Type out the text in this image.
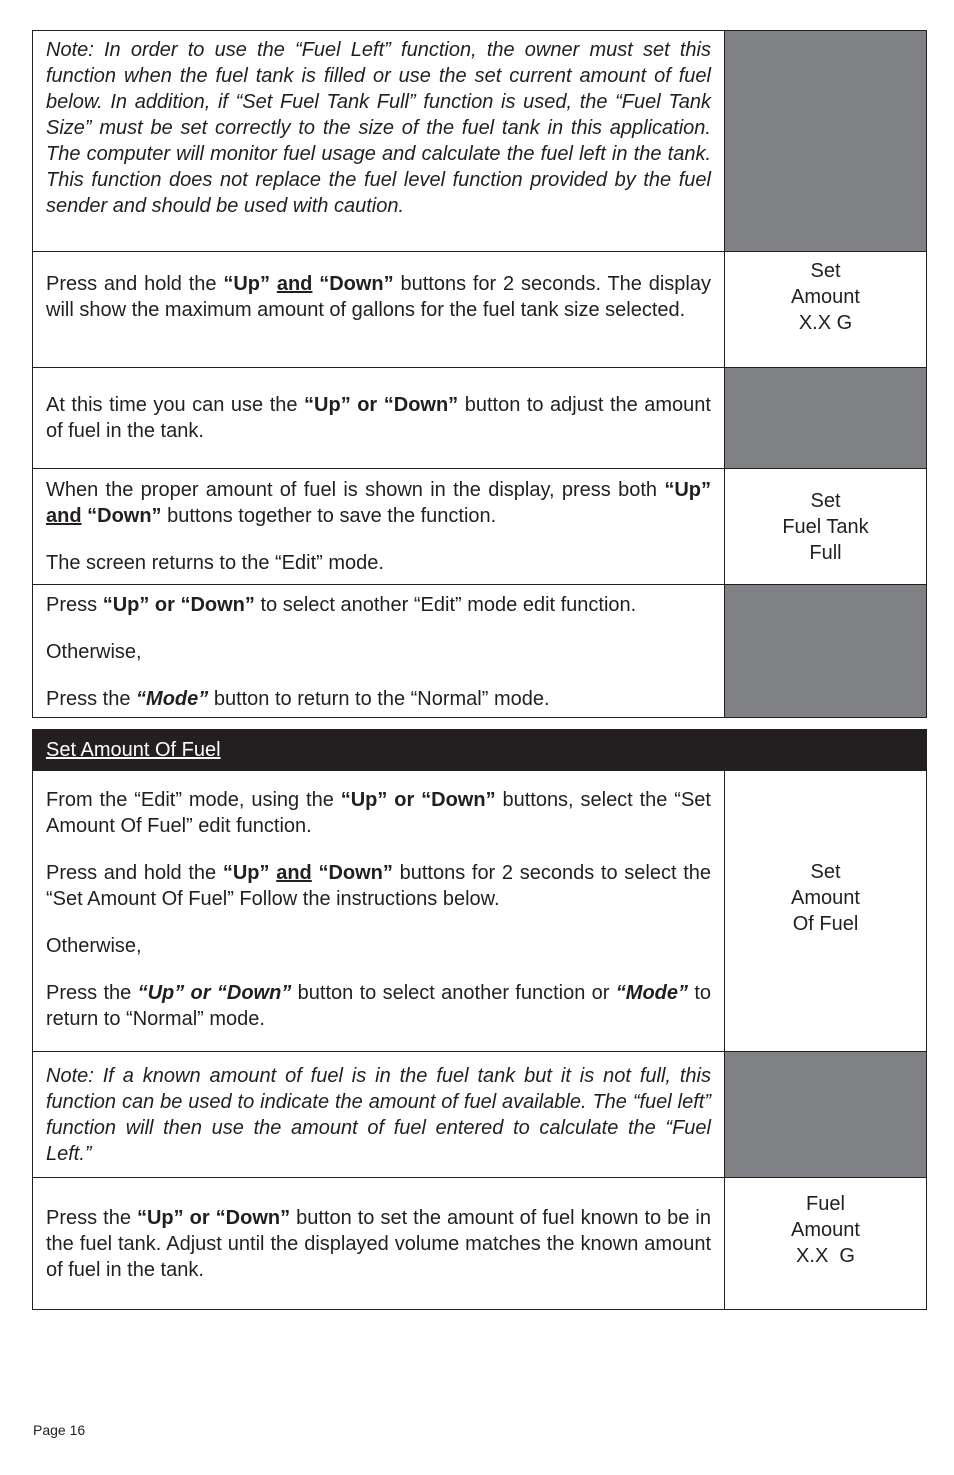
Note: In order to use the “Fuel Left” function, the owner must set this function when the fuel tank is filled or use the set current amount of fuel below. In addition, if “Set Fuel Tank Full” function is used, the “Fuel Tank Size” must be set correctly to the size of the fuel tank in this application. The computer will monitor fuel usage and calculate the fuel left in the tank. This function does not replace the fuel level function provided by the fuel sender and should be used with caution.

Press and hold the “Up” and “Down” buttons for 2 seconds. The display will show the maximum amount of gallons for the fuel tank size selected.

Set
Amount
X.X G

At this time you can use the “Up” or “Down” button to adjust the amount of fuel in the tank.

When the proper amount of fuel is shown in the display, press both “Up” and “Down” buttons together to save the function.

The screen returns to the “Edit” mode.

Set
Fuel Tank
Full

Press “Up” or “Down” to select another “Edit” mode edit function.

Otherwise,

Press the “Mode” button to return to the “Normal” mode.

Set Amount Of Fuel

From the “Edit” mode, using the “Up” or “Down” buttons, select the “Set Amount Of Fuel” edit function.

Press and hold the “Up” and “Down” buttons for 2 seconds to select the “Set Amount Of Fuel” Follow the instructions below.

Otherwise,

Press the “Up” or “Down” button to select another function or “Mode” to return to “Normal” mode.

Set
Amount
Of Fuel

Note: If a known amount of fuel is in the fuel tank but it is not full, this function can be used to indicate the amount of fuel available. The “fuel left” function will then use the amount of fuel entered to calculate the “Fuel Left.”

Press the “Up” or “Down” button to set the amount of fuel known to be in the fuel tank. Adjust until the displayed volume matches the known amount of fuel in the tank.

Fuel
Amount
X.X  G
Page 16
